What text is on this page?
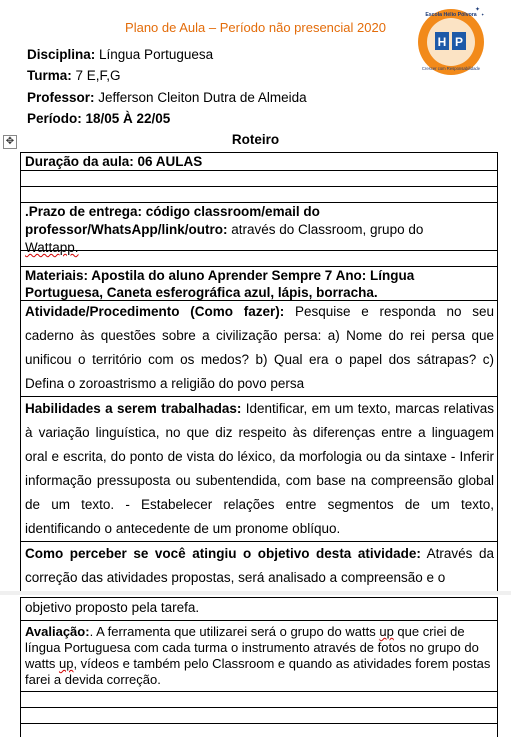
Plano de Aula – Período não presencial 2020
H P
Escola Hélio Pólvora
Crescer com Responsabilidade
✦
✦
Disciplina: Língua Portuguesa
Turma: 7 E,F,G
Professor: Jefferson Cleiton Dutra de Almeida
Período: 18/05 À 22/05
✥	Roteiro
Duração da aula: 06 AULAS
.Prazo de entrega: código classroom/email do professor/WhatsApp/link/outro: através do Classroom, grupo do
Wattapp.
Materiais: Apostila do aluno Aprender Sempre 7 Ano: Língua Portuguesa, Caneta esferográfica azul, lápis, borracha.
Atividade/Procedimento (Como fazer): Pesquise e responda no seu caderno às questões sobre a civilização persa: a) Nome do rei persa que unificou o território com os medos? b) Qual era o papel dos sátrapas? c) Defina o zoroastrismo a religião do povo persa
Habilidades a serem trabalhadas: Identificar, em um texto, marcas relativas à variação linguística, no que diz respeito às diferenças entre a linguagem oral e escrita, do ponto de vista do léxico, da morfologia ou da sintaxe - Inferir informação pressuposta ou subentendida, com base na compreensão global de um texto. - Estabelecer relações entre segmentos de um texto, identificando o antecedente de um pronome oblíquo.
Como perceber se você atingiu o objetivo desta atividade: Através da correção das atividades propostas, será analisado a compreensão e o
objetivo proposto pela tarefa.
Avaliação:. A ferramenta que utilizarei será o grupo do watts up que criei de língua Portuguesa com cada turma o instrumento através de fotos no grupo do watts up, vídeos e também pelo Classroom e quando as atividades forem postas farei a devida correção.
